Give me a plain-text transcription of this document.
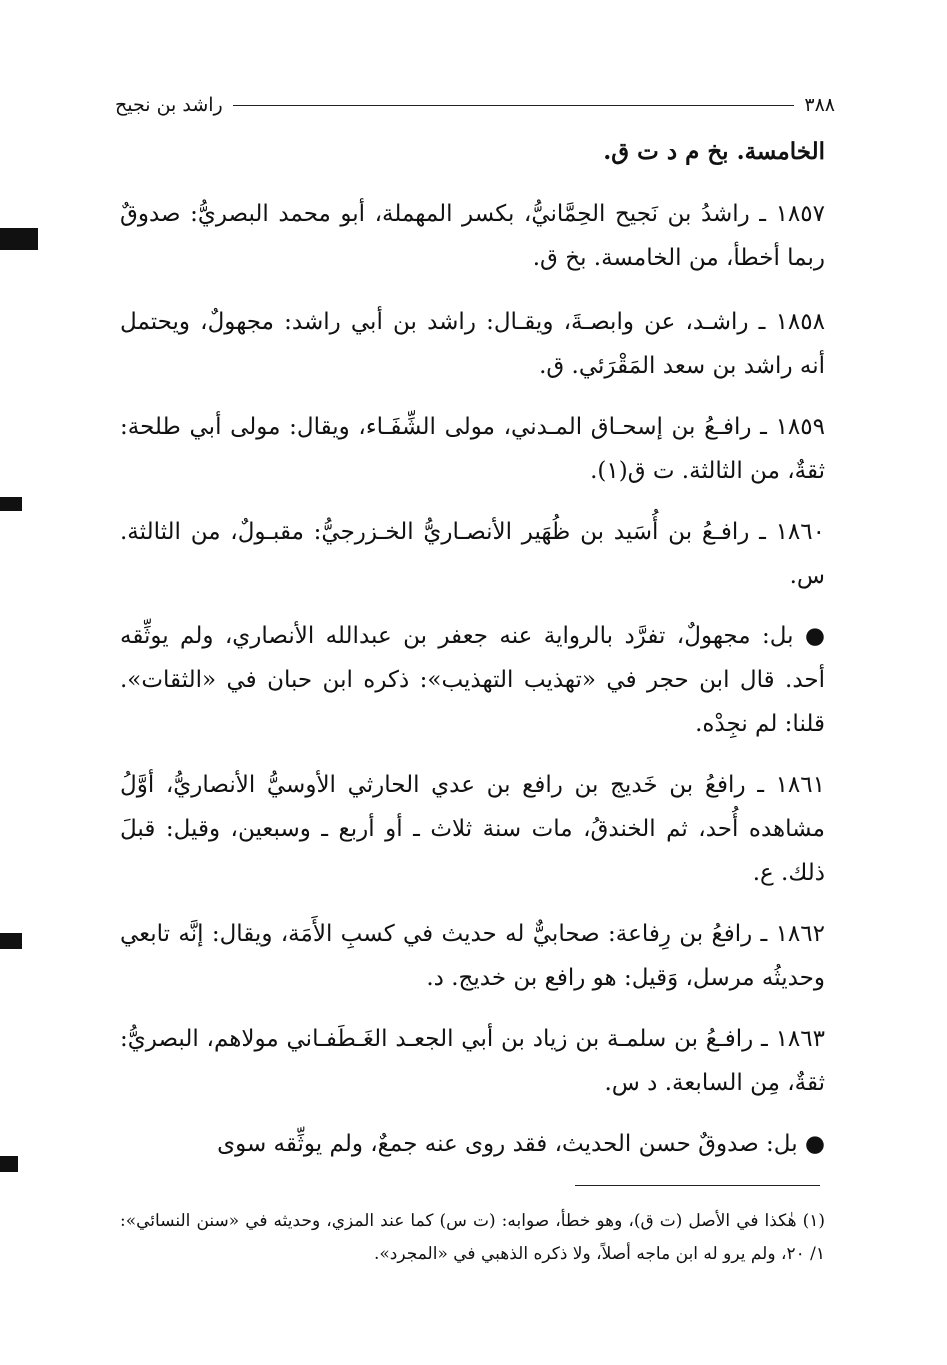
٣٨٨
راشد بن نجيح
الخامسة. بخ م د ت ق.
١٨٥٧ ـ راشدُ بن نَجيح الحِمَّانيُّ، بكسر المهملة، أبو محمد البصريُّ: صدوقٌ ربما أخطأ، من الخامسة. بخ ق.
١٨٥٨ ـ راشـد، عن وابصـةَ، ويقـال: راشد بن أبي راشد: مجهولٌ، ويحتمل أنه راشد بن سعد المَقْرَئي. ق.
١٨٥٩ ـ رافـعُ بن إسحـاق المـدني، مولى الشِّفَـاء، ويقال: مولى أبي طلحة: ثقةٌ، من الثالثة. ت ق(١).
١٨٦٠ ـ رافـعُ بن أُسَيد بن ظُهَير الأنصـاريُّ الخـزرجيُّ: مقبـولٌ، من الثالثة. س.
● بل: مجهولٌ، تفرَّد بالرواية عنه جعفر بن عبدالله الأنصاري، ولم يوثِّقه أحد. قال ابن حجر في «تهذيب التهذيب»: ذكره ابن حبان في «الثقات». قلنا: لم نجِدْه.
١٨٦١ ـ رافعُ بن خَديج بن رافع بن عدي الحارثي الأوسيُّ الأنصاريُّ، أوَّلُ مشاهده أُحد، ثم الخندقُ، مات سنة ثلاث ـ أو أربع ـ وسبعين، وقيل: قبلَ ذلك. ع.
١٨٦٢ ـ رافعُ بن رِفاعة: صحابيٌّ له حديث في كسبِ الأَمَة، ويقال: إنَّه تابعي وحديثُه مرسل، وَقيل: هو رافع بن خديج. د.
١٨٦٣ ـ رافـعُ بن سلمـة بن زياد بن أبي الجعـد الغَـطَفـاني مولاهم، البصريُّ: ثقةٌ، مِن السابعة. د س.
● بل: صدوقٌ حسن الحديث، فقد روى عنه جمعٌ، ولم يوثِّقه سوى
(١) هٰكذا في الأصل (ت ق)، وهو خطأ، صوابه: (ت س) كما عند المزي، وحديثه في «سنن النسائي»: ١/ ٢٠، ولم يرو له ابن ماجه أصلاً، ولا ذكره الذهبي في «المجرد».
